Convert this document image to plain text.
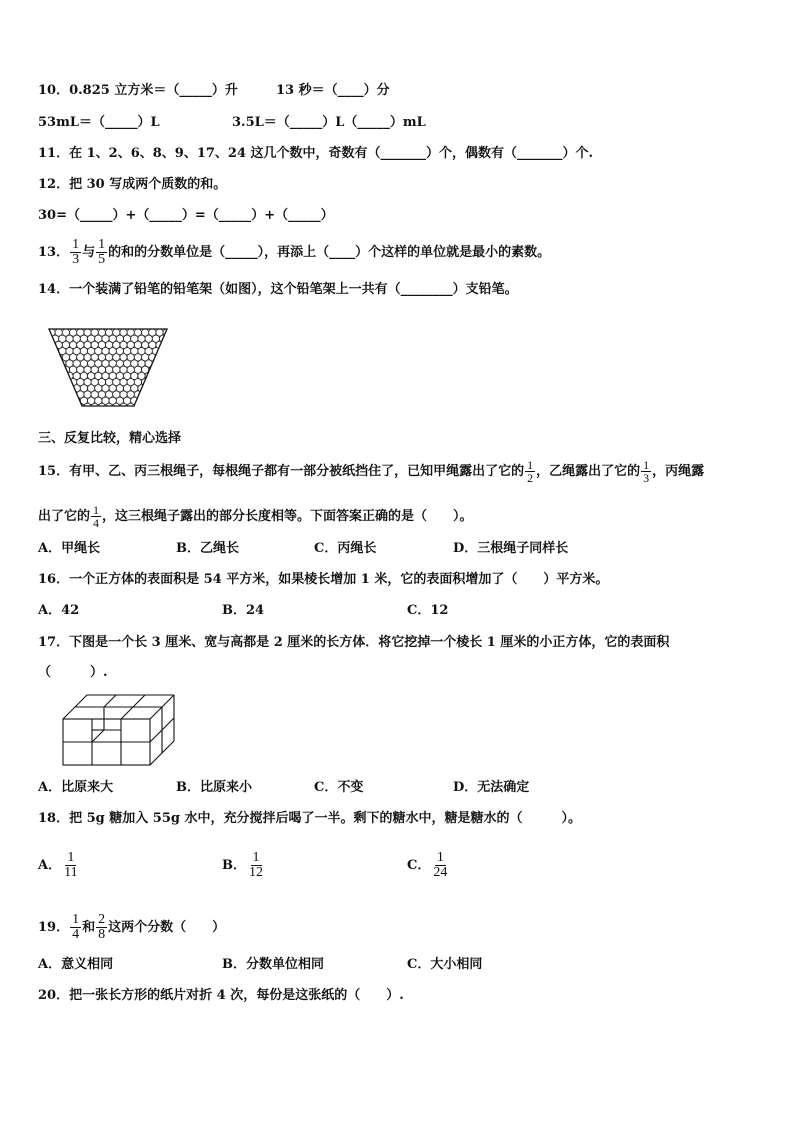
10．0.825 立方米＝（_____）升	13 秒＝（____）分
53mL＝（_____）L	3.5L＝（_____）L（_____）mL
11．在 1、2、6、8、9、17、24 这几个数中，奇数有（_______）个，偶数有（_______）个.
12．把 30 写成两个质数的和。
30=（_____）+（_____）=（_____）+（_____）
13． $\frac{1}{3}$ 与 $\frac{1}{5}$ 的和的分数单位是（_____），再添上（____）个这样的单位就是最小的素数。
14．一个装满了铅笔的铅笔架（如图），这个铅笔架上一共有（________）支铅笔。
三、反复比较，精心选择
15．有甲、乙、丙三根绳子，每根绳子都有一部分被纸挡住了，已知甲绳露出了它的 $\frac{1}{2}$ ，乙绳露出了它的 $\frac{1}{3}$ ，丙绳露
出了它的 $\frac{1}{4}$ ，这三根绳子露出的部分长度相等。下面答案正确的是（　　）。
A．甲绳长	B．乙绳长	C．丙绳长	D．三根绳子同样长
16．一个正方体的表面积是 54 平方米，如果棱长增加 1 米，它的表面积增加了（　　）平方米。
A．42	B．24	C．12
17．下图是一个长 3 厘米、宽与高都是 2 厘米的长方体．将它挖掉一个棱长 1 厘米的小正方体，它的表面积
（　　　）.
A．比原来大	B．比原来小	C．不变	D．无法确定
18．把 5g 糖加入 55g 水中，充分搅拌后喝了一半。剩下的糖水中，糖是糖水的（　　　）。
A． $\frac{1}{11}$	B． $\frac{1}{12}$	C． $\frac{1}{24}$
19． $\frac{1}{4}$ 和 $\frac{2}{8}$ 这两个分数（　　）
A．意义相同	B．分数单位相同	C．大小相同
20．把一张长方形的纸片对折 4 次，每份是这张纸的（　　）.
